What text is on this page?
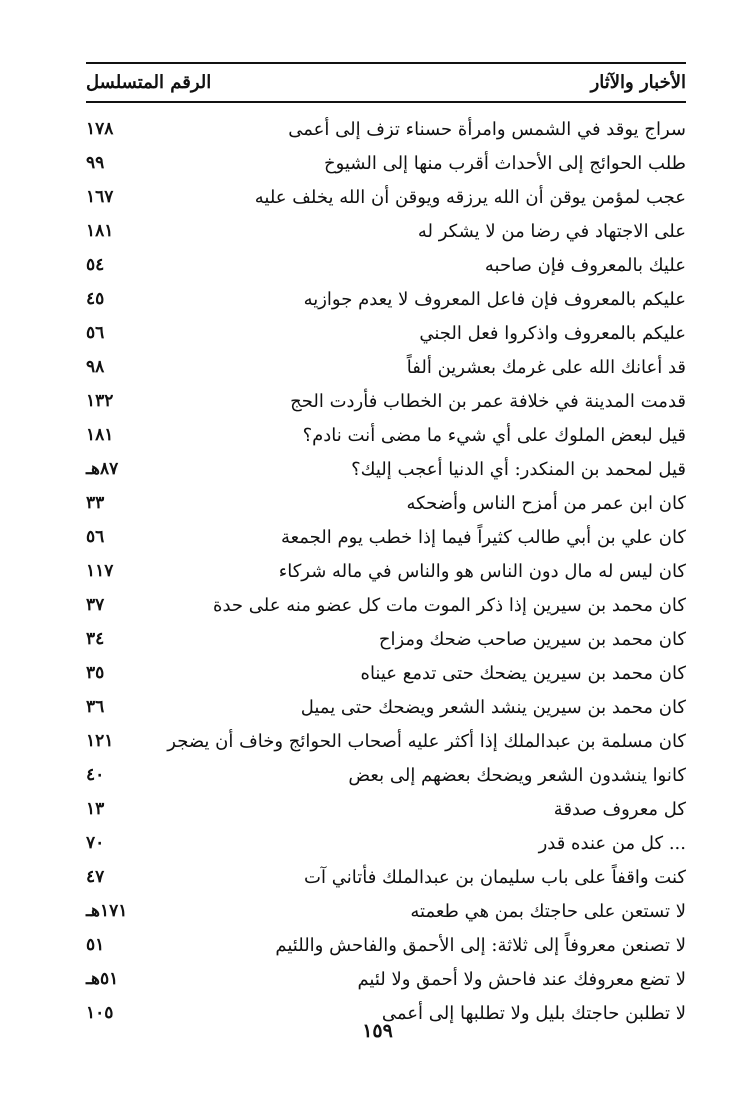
الرقم المتسلسل	الأخبار والآثار
سراج يوقد في الشمس وامرأة حسناء تزف إلى أعمى
١٧٨
طلب الحوائج إلى الأحداث أقرب منها إلى الشيوخ
٩٩
عجب لمؤمن يوقن أن الله يرزقه ويوقن أن الله يخلف عليه
١٦٧
على الاجتهاد في رضا من لا يشكر له
١٨١
عليك بالمعروف فإن صاحبه
٥٤
عليكم بالمعروف فإن فاعل المعروف لا يعدم جوازيه
٤٥
عليكم بالمعروف واذكروا فعل الجني
٥٦
قد أعانك الله على غرمك بعشرين ألفاً
٩٨
قدمت المدينة في خلافة عمر بن الخطاب فأردت الحج
١٣٢
قيل لبعض الملوك على أي شيء ما مضى أنت نادم؟
١٨١
قيل لمحمد بن المنكدر: أي الدنيا أعجب إليك؟
٨٧هـ
كان ابن عمر من أمزح الناس وأضحكه
٣٣
كان علي بن أبي طالب كثيراً فيما إذا خطب يوم الجمعة
٥٦
كان ليس له مال دون الناس هو والناس في ماله شركاء
١١٧
كان محمد بن سيرين إذا ذكر الموت مات كل عضو منه على حدة
٣٧
كان محمد بن سيرين صاحب ضحك ومزاح
٣٤
كان محمد بن سيرين يضحك حتى تدمع عيناه
٣٥
كان محمد بن سيرين ينشد الشعر ويضحك حتى يميل
٣٦
كان مسلمة بن عبدالملك إذا أكثر عليه أصحاب الحوائج وخاف أن يضجر
١٢١
كانوا ينشدون الشعر ويضحك بعضهم إلى بعض
٤٠
كل معروف صدقة
١٣
... كل من عنده قدر
٧٠
كنت واقفاً على باب سليمان بن عبدالملك فأتاني آت
٤٧
لا تستعن على حاجتك بمن هي طعمته
١٧١هـ
لا تصنعن معروفاً إلى ثلاثة: إلى الأحمق والفاحش واللئيم
٥١
لا تضع معروفك عند فاحش ولا أحمق ولا لئيم
٥١هـ
لا تطلبن حاجتك بليل ولا تطلبها إلى أعمى
١٠٥
١٥٩
